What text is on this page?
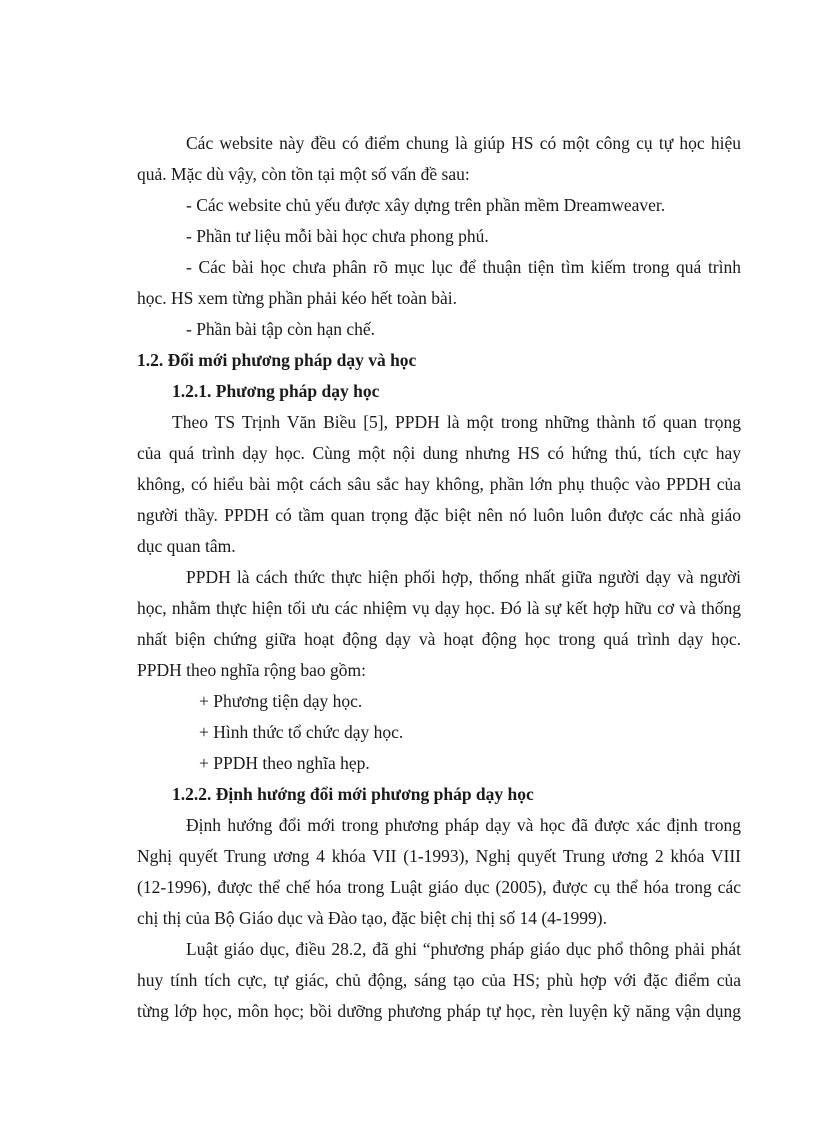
Các website này đều có điểm chung là giúp HS có một công cụ tự học hiệu
quả. Mặc dù vậy, còn tồn tại một số vấn đề sau:
- Các website chủ yếu được xây dựng trên phần mềm Dreamweaver.
- Phần tư liệu mỗi bài học chưa phong phú.
- Các bài học chưa phân rõ mục lục để thuận tiện tìm kiếm trong quá trình
học. HS xem từng phần phải kéo hết toàn bài.
- Phần bài tập còn hạn chế.
1.2. Đổi mới phương pháp dạy và học
1.2.1. Phương pháp dạy học
Theo TS Trịnh Văn Biều [5], PPDH là một trong những thành tố quan trọng
của quá trình dạy học. Cùng một nội dung nhưng HS có hứng thú, tích cực hay
không, có hiểu bài một cách sâu sắc hay không, phần lớn phụ thuộc vào PPDH của
người thầy. PPDH có tầm quan trọng đặc biệt nên nó luôn luôn được các nhà giáo
dục quan tâm.
PPDH là cách thức thực hiện phối hợp, thống nhất giữa người dạy và người
học, nhằm thực hiện tối ưu các nhiệm vụ dạy học. Đó là sự kết hợp hữu cơ và thống
nhất biện chứng giữa hoạt động dạy và hoạt động học trong quá trình dạy học.
PPDH theo nghĩa rộng bao gồm:
+ Phương tiện dạy học.
+ Hình thức tổ chức dạy học.
+ PPDH theo nghĩa hẹp.
1.2.2. Định hướng đổi mới phương pháp dạy học
Định hướng đổi mới trong phương pháp dạy và học đã được xác định trong
Nghị quyết Trung ương 4 khóa VII (1-1993), Nghị quyết Trung ương 2 khóa VIII
(12-1996), được thể chế hóa trong Luật giáo dục (2005), được cụ thể hóa trong các
chị thị của Bộ Giáo dục và Đào tạo, đặc biệt chị thị số 14 (4-1999).
Luật giáo dục, điều 28.2, đã ghi “phương pháp giáo dục phổ thông phải phát
huy tính tích cực, tự giác, chủ động, sáng tạo của HS; phù hợp với đặc điểm của
từng lớp học, môn học; bồi dưỡng phương pháp tự học, rèn luyện kỹ năng vận dụng
